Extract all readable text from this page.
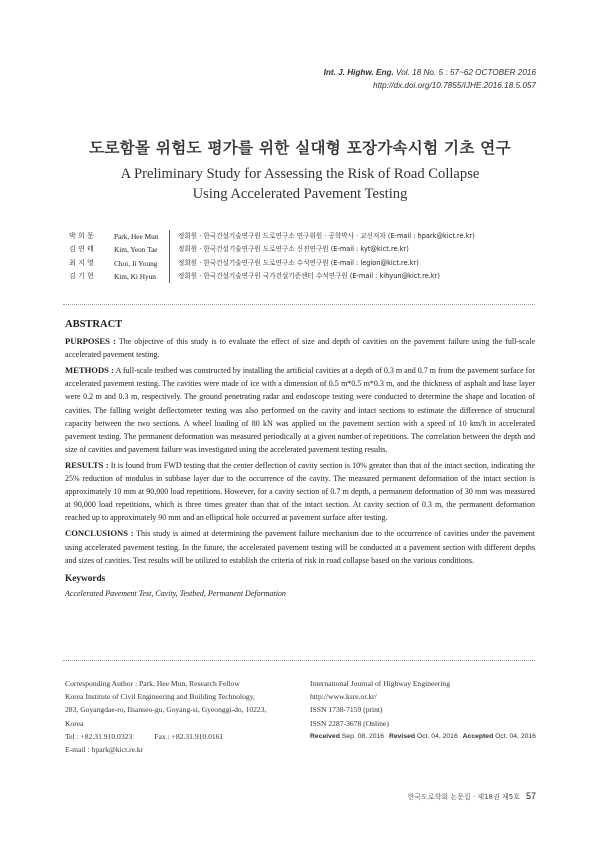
Int. J. Highw. Eng. Vol. 18 No. 5 : 57~62 OCTOBER 2016
http://dx.doi.org/10.7855/IJHE.2016.18.5.057
도로함몰 위험도 평가를 위한 실대형 포장가속시험 기초 연구
A Preliminary Study for Assessing the Risk of Road Collapse
Using Accelerated Pavement Testing
박 희 문	Park, Hee Mun	정회원 · 한국건설기술연구원 도로연구소 연구위원 · 공학박사 · 교신저자 (E-mail : hpark@kict.re.kr)
김 연 태	Kim, Yeon Tae	정회원 · 한국건설기술연구원 도로연구소 신진연구원 (E-mail : kyt@kict.re.kr)
최 지 영	Choi, Ji Young	정회원 · 한국건설기술연구원 도로연구소 수석연구원 (E-mail : legion@kict.re.kr)
김 기 현	Kim, Ki Hyun	정회원 · 한국건설기술연구원 국가건설기준센터 수석연구원 (E-mail : kihyun@kict.re.kr)
ABSTRACT

PURPOSES : The objective of this study is to evaluate the effect of size and depth of cavities on the pavement failure using the full-scale accelerated pavement testing.

METHODS : A full-scale testbed was constructed by installing the artificial cavities at a depth of 0.3 m and 0.7 m from the pavement surface for accelerated pavement testing. The cavities were made of ice with a dimension of 0.5 m*0.5 m*0.3 m, and the thickness of asphalt and base layer were 0.2 m and 0.3 m, respectively. The ground penetrating radar and endoscope testing were conducted to determine the shape and location of cavities. The falling weight deflectometer testing was also performed on the cavity and intact sections to estimate the difference of structural capacity between the two sections. A wheel loading of 80 kN was applied on the pavement section with a speed of 10 km/h in accelerated pavement testing. The permanent deformation was measured periodically at a given number of repetitions. The correlation between the depth and size of cavities and pavement failure was investigated using the accelerated pavement testing results.

RESULTS : It is found from FWD testing that the center deflection of cavity section is 10% greater than that of the intact section, indicating the 25% reduction of modulus in subbase layer due to the occurrence of the cavity. The measured permanent deformation of the intact section is approximately 10 mm at 90,000 load repetitions. However, for a cavity section of 0.7 m depth, a permanent deformation of 30 mm was measured at 90,000 load repetitions, which is three times greater than that of the intact section. At cavity section of 0.3 m, the permanent deformation reached up to approximately 90 mm and an elliptical hole occurred at pavement surface after testing.

CONCLUSIONS : This study is aimed at determining the pavement failure mechanism due to the occurrence of cavities under the pavement using accelerated pavement testing. In the future, the accelerated pavement testing will be conducted at a pavement section with different depths and sizes of cavities. Test results will be utilized to establish the criteria of risk in road collapse based on the various conditions.

Keywords
Accelerated Pavement Test, Cavity, Testbed, Permanent Deformation
Corresponding Author : Park, Hee Mun, Research Fellow
Korea Institute of Civil Engineering and Building Technology,
283, Goyangdae-ro, Ilsanseo-gu, Goyang-si, Gyeonggi-do, 10223,
Korea
Tel : +82.31.910.0323	Fax : +82.31.910.0161
E-mail : hpark@kict.re.kr
International Journal of Highway Engineering
http://www.ksre.or.kr/
ISSN 1738-7159 (print)
ISSN 2287-3678 (Online)
Received Sep. 08, 2016 Revised Oct. 04, 2016 Accepted Oct. 04, 2016
한국도로학회 논문집 · 제18권 제5호 57
